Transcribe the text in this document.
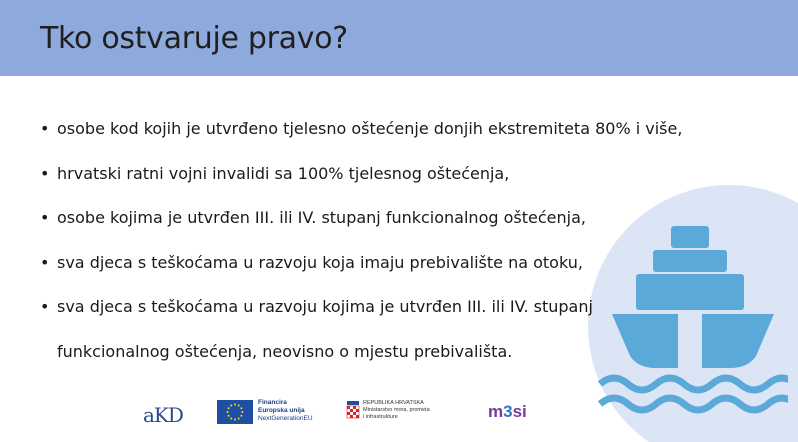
Tko ostvaruje pravo?
• osobe kod kojih je utvrđeno tjelesno oštećenje donjih ekstremiteta 80% i više,
• hrvatski ratni vojni invalidi sa 100% tjelesnog oštećenja,
• osobe kojima je utvrđen III. ili IV. stupanj funkcionalnog oštećenja,
• sva djeca s teškoćama u razvoju koja imaju prebivalište na otoku,
• sva djeca s teškoćama u razvoju kojima je utvrđen III. ili IV. stupanj
funkcionalnog oštećenja, neovisno o mjestu prebivališta.
aKD
Financira
Europska unija
NextGenerationEU
REPUBLIKA HRVATSKA
Ministarstvo mora, prometa
i infrastrukture	m3si
